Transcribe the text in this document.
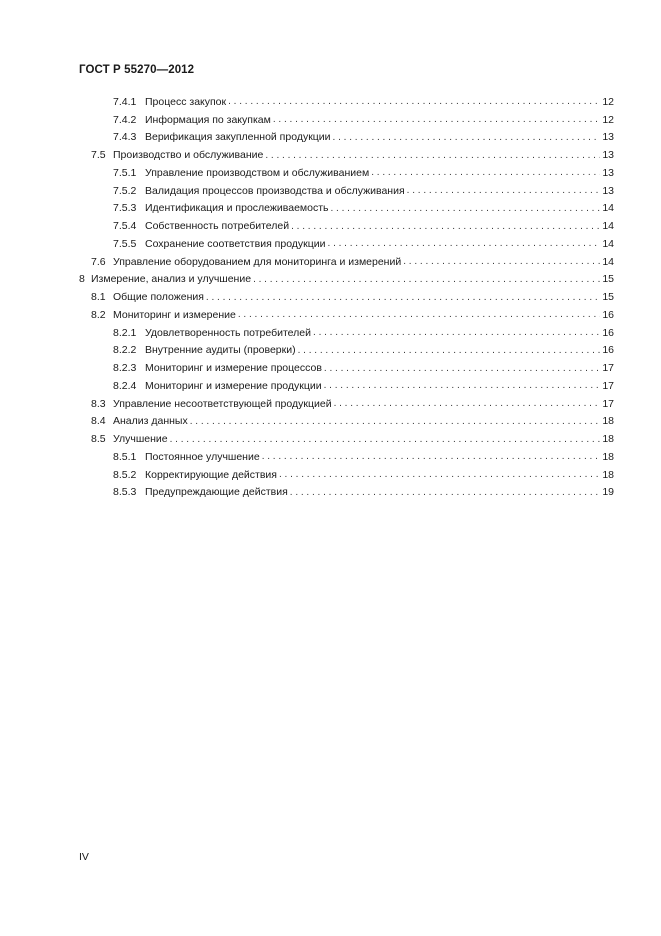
ГОСТ Р 55270—2012
7.4.1 Процесс закупок . . .	12
7.4.2 Информация по закупкам . . .	12
7.4.3 Верификация закупленной продукции . . .	13
7.5 Производство и обслуживание . . .	13
7.5.1 Управление производством и обслуживанием . . .	13
7.5.2 Валидация процессов производства и обслуживания . . .	13
7.5.3 Идентификация и прослеживаемость . . .	14
7.5.4 Собственность потребителей . . .	14
7.5.5 Сохранение соответствия продукции . . .	14
7.6 Управление оборудованием для мониторинга и измерений . . .	14
8 Измерение, анализ и улучшение . . .	15
8.1 Общие положения . . .	15
8.2 Мониторинг и измерение . . .	16
8.2.1 Удовлетворенность потребителей . . .	16
8.2.2 Внутренние аудиты (проверки) . . .	16
8.2.3 Мониторинг и измерение процессов . . .	17
8.2.4 Мониторинг и измерение продукции . . .	17
8.3 Управление несоответствующей продукцией . . .	17
8.4 Анализ данных . . .	18
8.5 Улучшение . . .	18
8.5.1 Постоянное улучшение . . .	18
8.5.2 Корректирующие действия . . .	18
8.5.3 Предупреждающие действия . . .	19
IV
